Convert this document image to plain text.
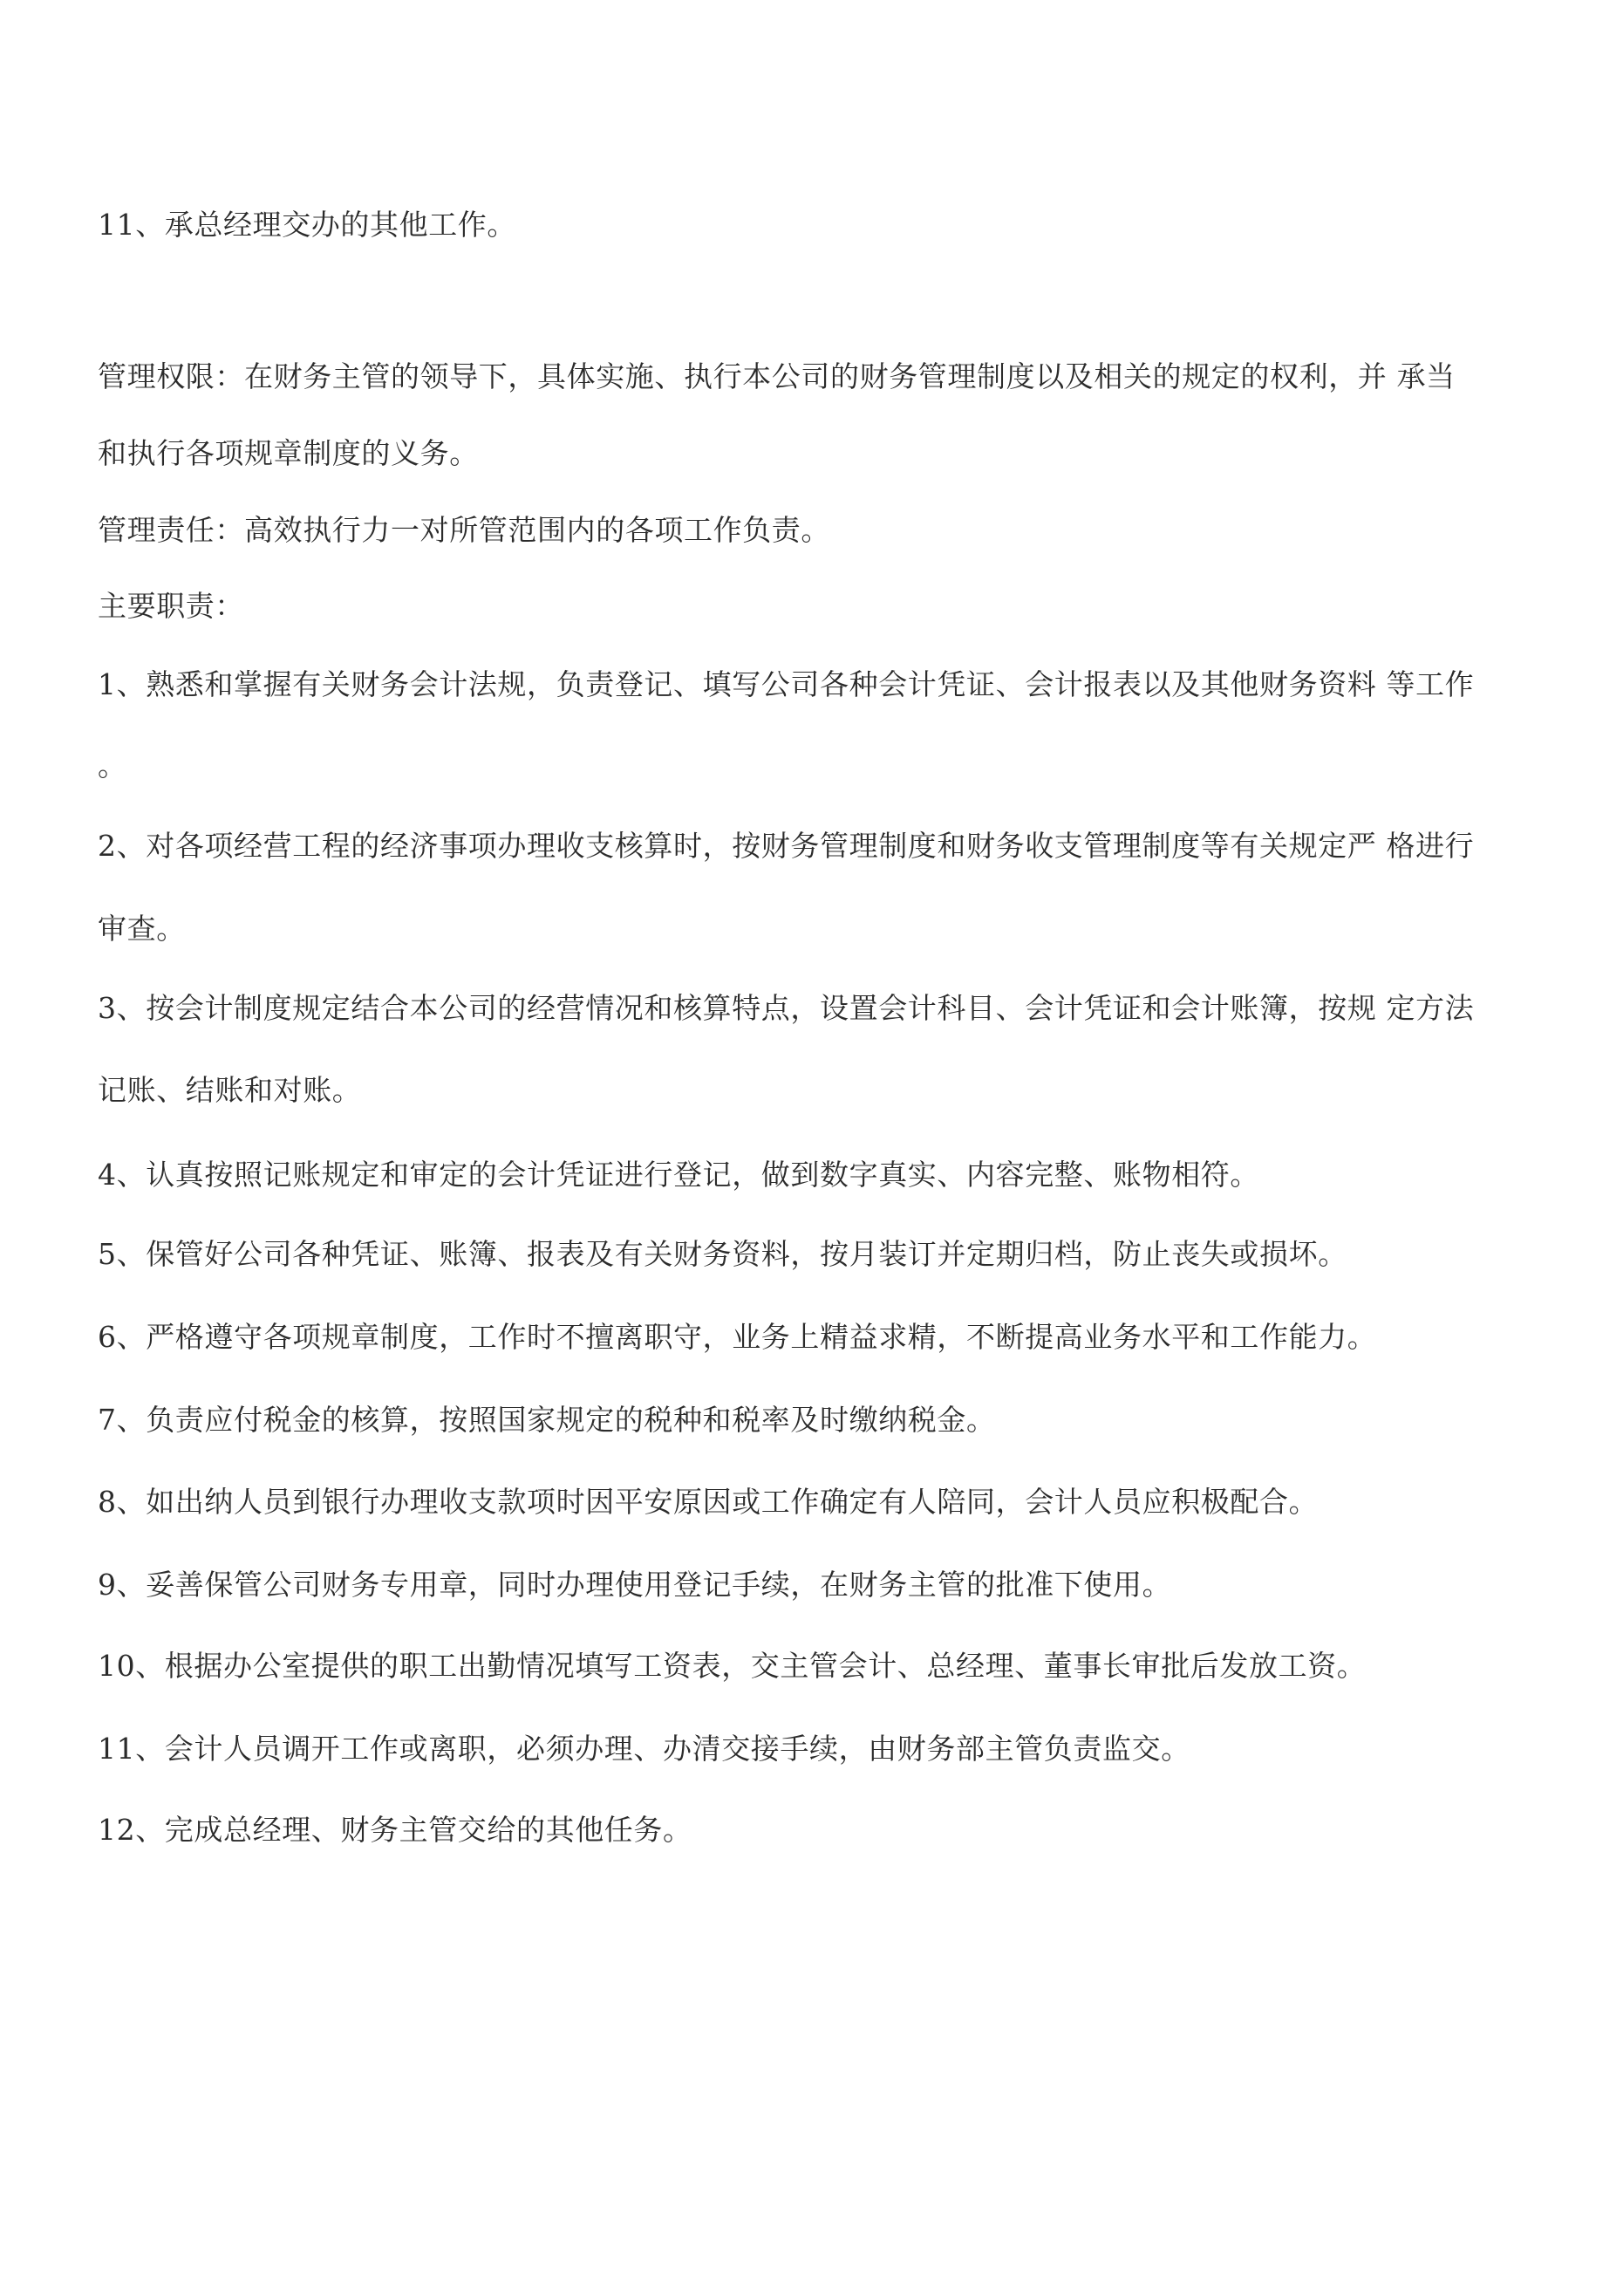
11、承总经理交办的其他工作。
管理权限：在财务主管的领导下，具体实施、执行本公司的财务管理制度以及相关的规定的权利，并 承当
和执行各项规章制度的义务。
管理责任：高效执行力一对所管范围内的各项工作负责。
主要职责：
1、熟悉和掌握有关财务会计法规，负责登记、填写公司各种会计凭证、会计报表以及其他财务资料 等工作
。
2、对各项经营工程的经济事项办理收支核算时，按财务管理制度和财务收支管理制度等有关规定严 格进行
审查。
3、按会计制度规定结合本公司的经营情况和核算特点，设置会计科目、会计凭证和会计账簿，按规 定方法
记账、结账和对账。
4、认真按照记账规定和审定的会计凭证进行登记，做到数字真实、内容完整、账物相符。
5、保管好公司各种凭证、账簿、报表及有关财务资料，按月装订并定期归档，防止丧失或损坏。
6、严格遵守各项规章制度，工作时不擅离职守，业务上精益求精，不断提高业务水平和工作能力。
7、负责应付税金的核算，按照国家规定的税种和税率及时缴纳税金。
8、如出纳人员到银行办理收支款项时因平安原因或工作确定有人陪同，会计人员应积极配合。
9、妥善保管公司财务专用章，同时办理使用登记手续，在财务主管的批准下使用。
10、根据办公室提供的职工出勤情况填写工资表，交主管会计、总经理、董事长审批后发放工资。
11、会计人员调开工作或离职，必须办理、办清交接手续，由财务部主管负责监交。
12、完成总经理、财务主管交给的其他任务。
